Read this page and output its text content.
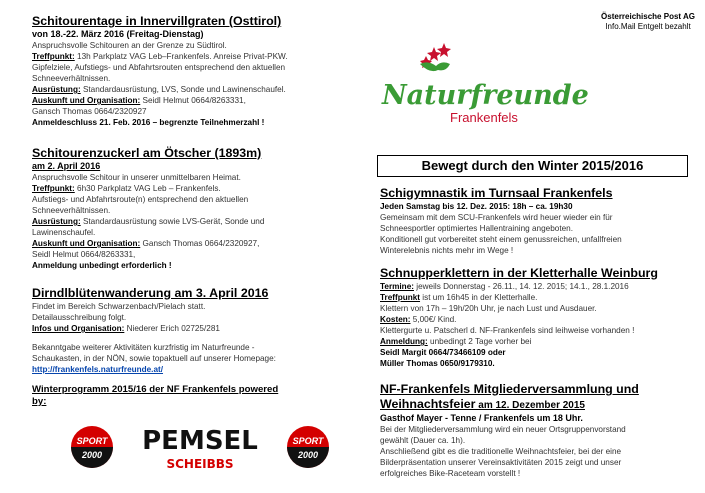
Österreichische Post AG
Info.Mail Entgelt bezahlt
Naturfreunde
Frankenfels
Schitourentage in Innervillgraten (Osttirol)
von 18.-22. März 2016 (Freitag-Dienstag)
Anspruchsvolle Schitouren an der Grenze zu Südtirol.
Treffpunkt: 13h Parkplatz VAG Leb–Frankenfels. Anreise Privat-PKW.
Gipfelziele, Aufstiegs- und Abfahrtsrouten entsprechend den aktuellen
Schneeverhältnissen.
Ausrüstung: Standardausrüstung, LVS, Sonde und Lawinenschaufel.
Auskunft und Organisation: Seidl Helmut 0664/8263331,
Gansch Thomas 0664/2320927
Anmeldeschluss 21. Feb. 2016 – begrenzte Teilnehmerzahl !
Schitourenzuckerl am Ötscher (1893m)
am 2. April 2016
Anspruchsvolle Schitour in unserer unmittelbaren Heimat.
Treffpunkt: 6h30 Parkplatz VAG Leb – Frankenfels.
Aufstiegs- und Abfahrtsroute(n) entsprechend den aktuellen
Schneeverhältnissen.
Ausrüstung: Standardausrüstung sowie LVS-Gerät, Sonde und
Lawinenschaufel.
Auskunft und Organisation: Gansch Thomas 0664/2320927,
Seidl Helmut 0664/8263331,
Anmeldung unbedingt erforderlich !
Dirndlblütenwanderung am 3. April 2016
Findet im Bereich Schwarzenbach/Pielach statt.
Detailausschreibung folgt.
Infos und Organisation: Niederer Erich 02725/281
Bekanntgabe weiterer Aktivitäten kurzfristig im Naturfreunde -
Schaukasten, in der NÖN, sowie topaktuell auf unserer Homepage:
http://frankenfels.naturfreunde.at/
Winterprogramm 2015/16 der NF Frankenfels powered
by:
SPORT
2000 PEMSEL
SCHEIBBS
SPORT
2000
Bewegt durch den Winter 2015/2016
Schigymnastik im Turnsaal Frankenfels
Jeden Samstag bis 12. Dez. 2015: 18h – ca. 19h30
Gemeinsam mit dem SCU-Frankenfels wird heuer wieder ein für
Schneesportler optimiertes Hallentraining angeboten.
Konditionell gut vorbereitet steht einem genussreichen, unfallfreien
Winterelebnis nichts mehr im Wege !
Schnupperklettern in der Kletterhalle Weinburg
Termine: jeweils Donnerstag - 26.11., 14. 12. 2015; 14.1., 28.1.2016
Treffpunkt ist um 16h45 in der Kletterhalle.
Klettern von 17h – 19h/20h Uhr, je nach Lust und Ausdauer.
Kosten: 5,00€/ Kind.
Klettergurte u. Patscherl d. NF-Frankenfels sind leihweise vorhanden !
Anmeldung: unbedingt 2 Tage vorher bei
Seidl Margit 0664/73466109 oder
Müller Thomas 0650/9179310.
NF-Frankenfels Mitgliederversammlung und
Weihnachtsfeier am 12. Dezember 2015
Gasthof Mayer - Tenne / Frankenfels um 18 Uhr.
Bei der Mitgliederversammlung wird ein neuer Ortsgruppenvorstand
gewählt (Dauer ca. 1h).
Anschließend gibt es die traditionelle Weihnachtsfeier, bei der eine
Bilderpräsentation unserer Vereinsaktivitäten 2015 zeigt und unser
erfolgreiches Bike-Raceteam vorstellt !
